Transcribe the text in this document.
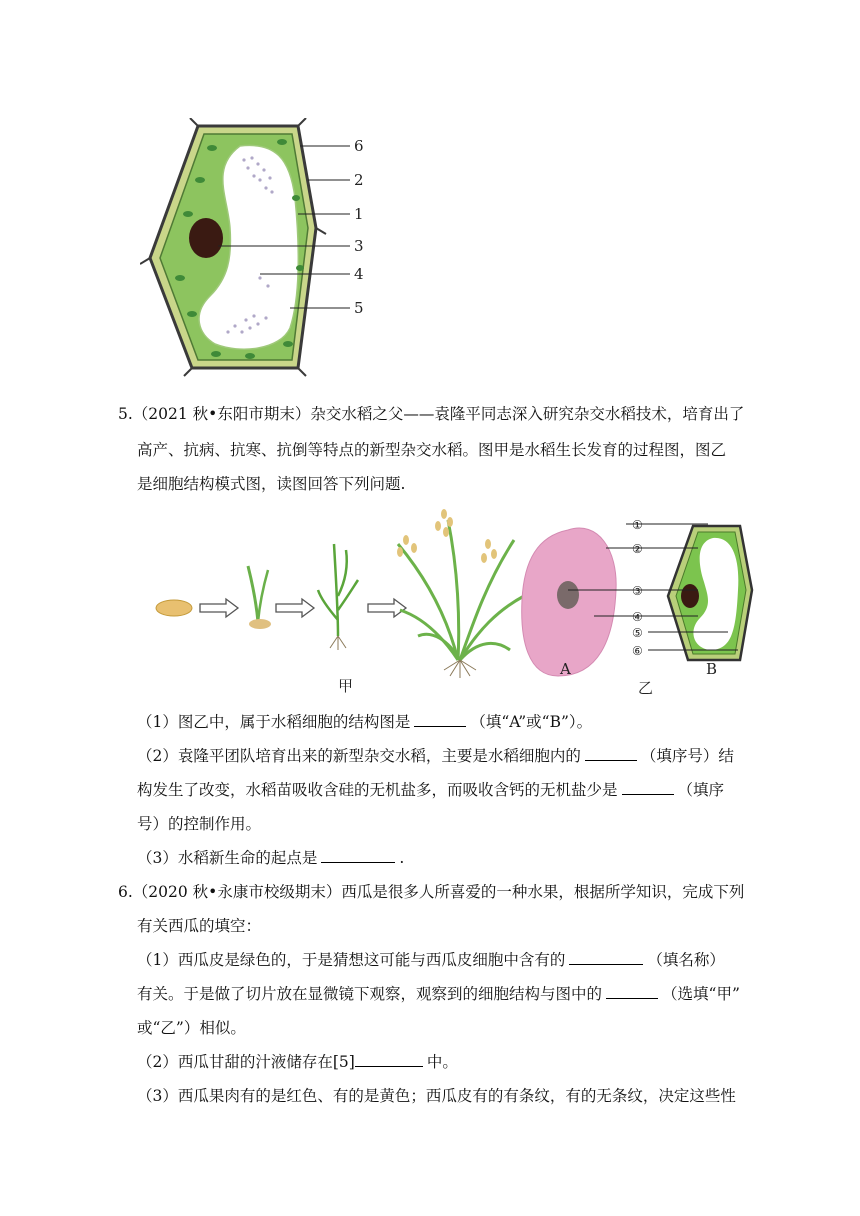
6
2
1
3
4
5
5.（2021 秋•东阳市期末）杂交水稻之父——袁隆平同志深入研究杂交水稻技术，培育出了
高产、抗病、抗寒、抗倒等特点的新型杂交水稻。图甲是水稻生长发育的过程图，图乙
是细胞结构模式图，读图回答下列问题.
①
②
③
④
⑤
⑥
A	B
甲	乙
（1）图乙中，属于水稻细胞的结构图是	（填“A”或“B”）。
（2）袁隆平团队培育出来的新型杂交水稻，主要是水稻细胞内的	（填序号）结
构发生了改变，水稻苗吸收含硅的无机盐多，而吸收含钙的无机盐少是	（填序
号）的控制作用。
（3）水稻新生命的起点是	.
6.（2020 秋•永康市校级期末）西瓜是很多人所喜爱的一种水果，根据所学知识，完成下列
有关西瓜的填空：
（1）西瓜皮是绿色的，于是猜想这可能与西瓜皮细胞中含有的	（填名称）
有关。于是做了切片放在显微镜下观察，观察到的细胞结构与图中的	（选填“甲”
或“乙”）相似。
（2）西瓜甘甜的汁液储存在[5]	中。
（3）西瓜果肉有的是红色、有的是黄色；西瓜皮有的有条纹，有的无条纹，决定这些性
